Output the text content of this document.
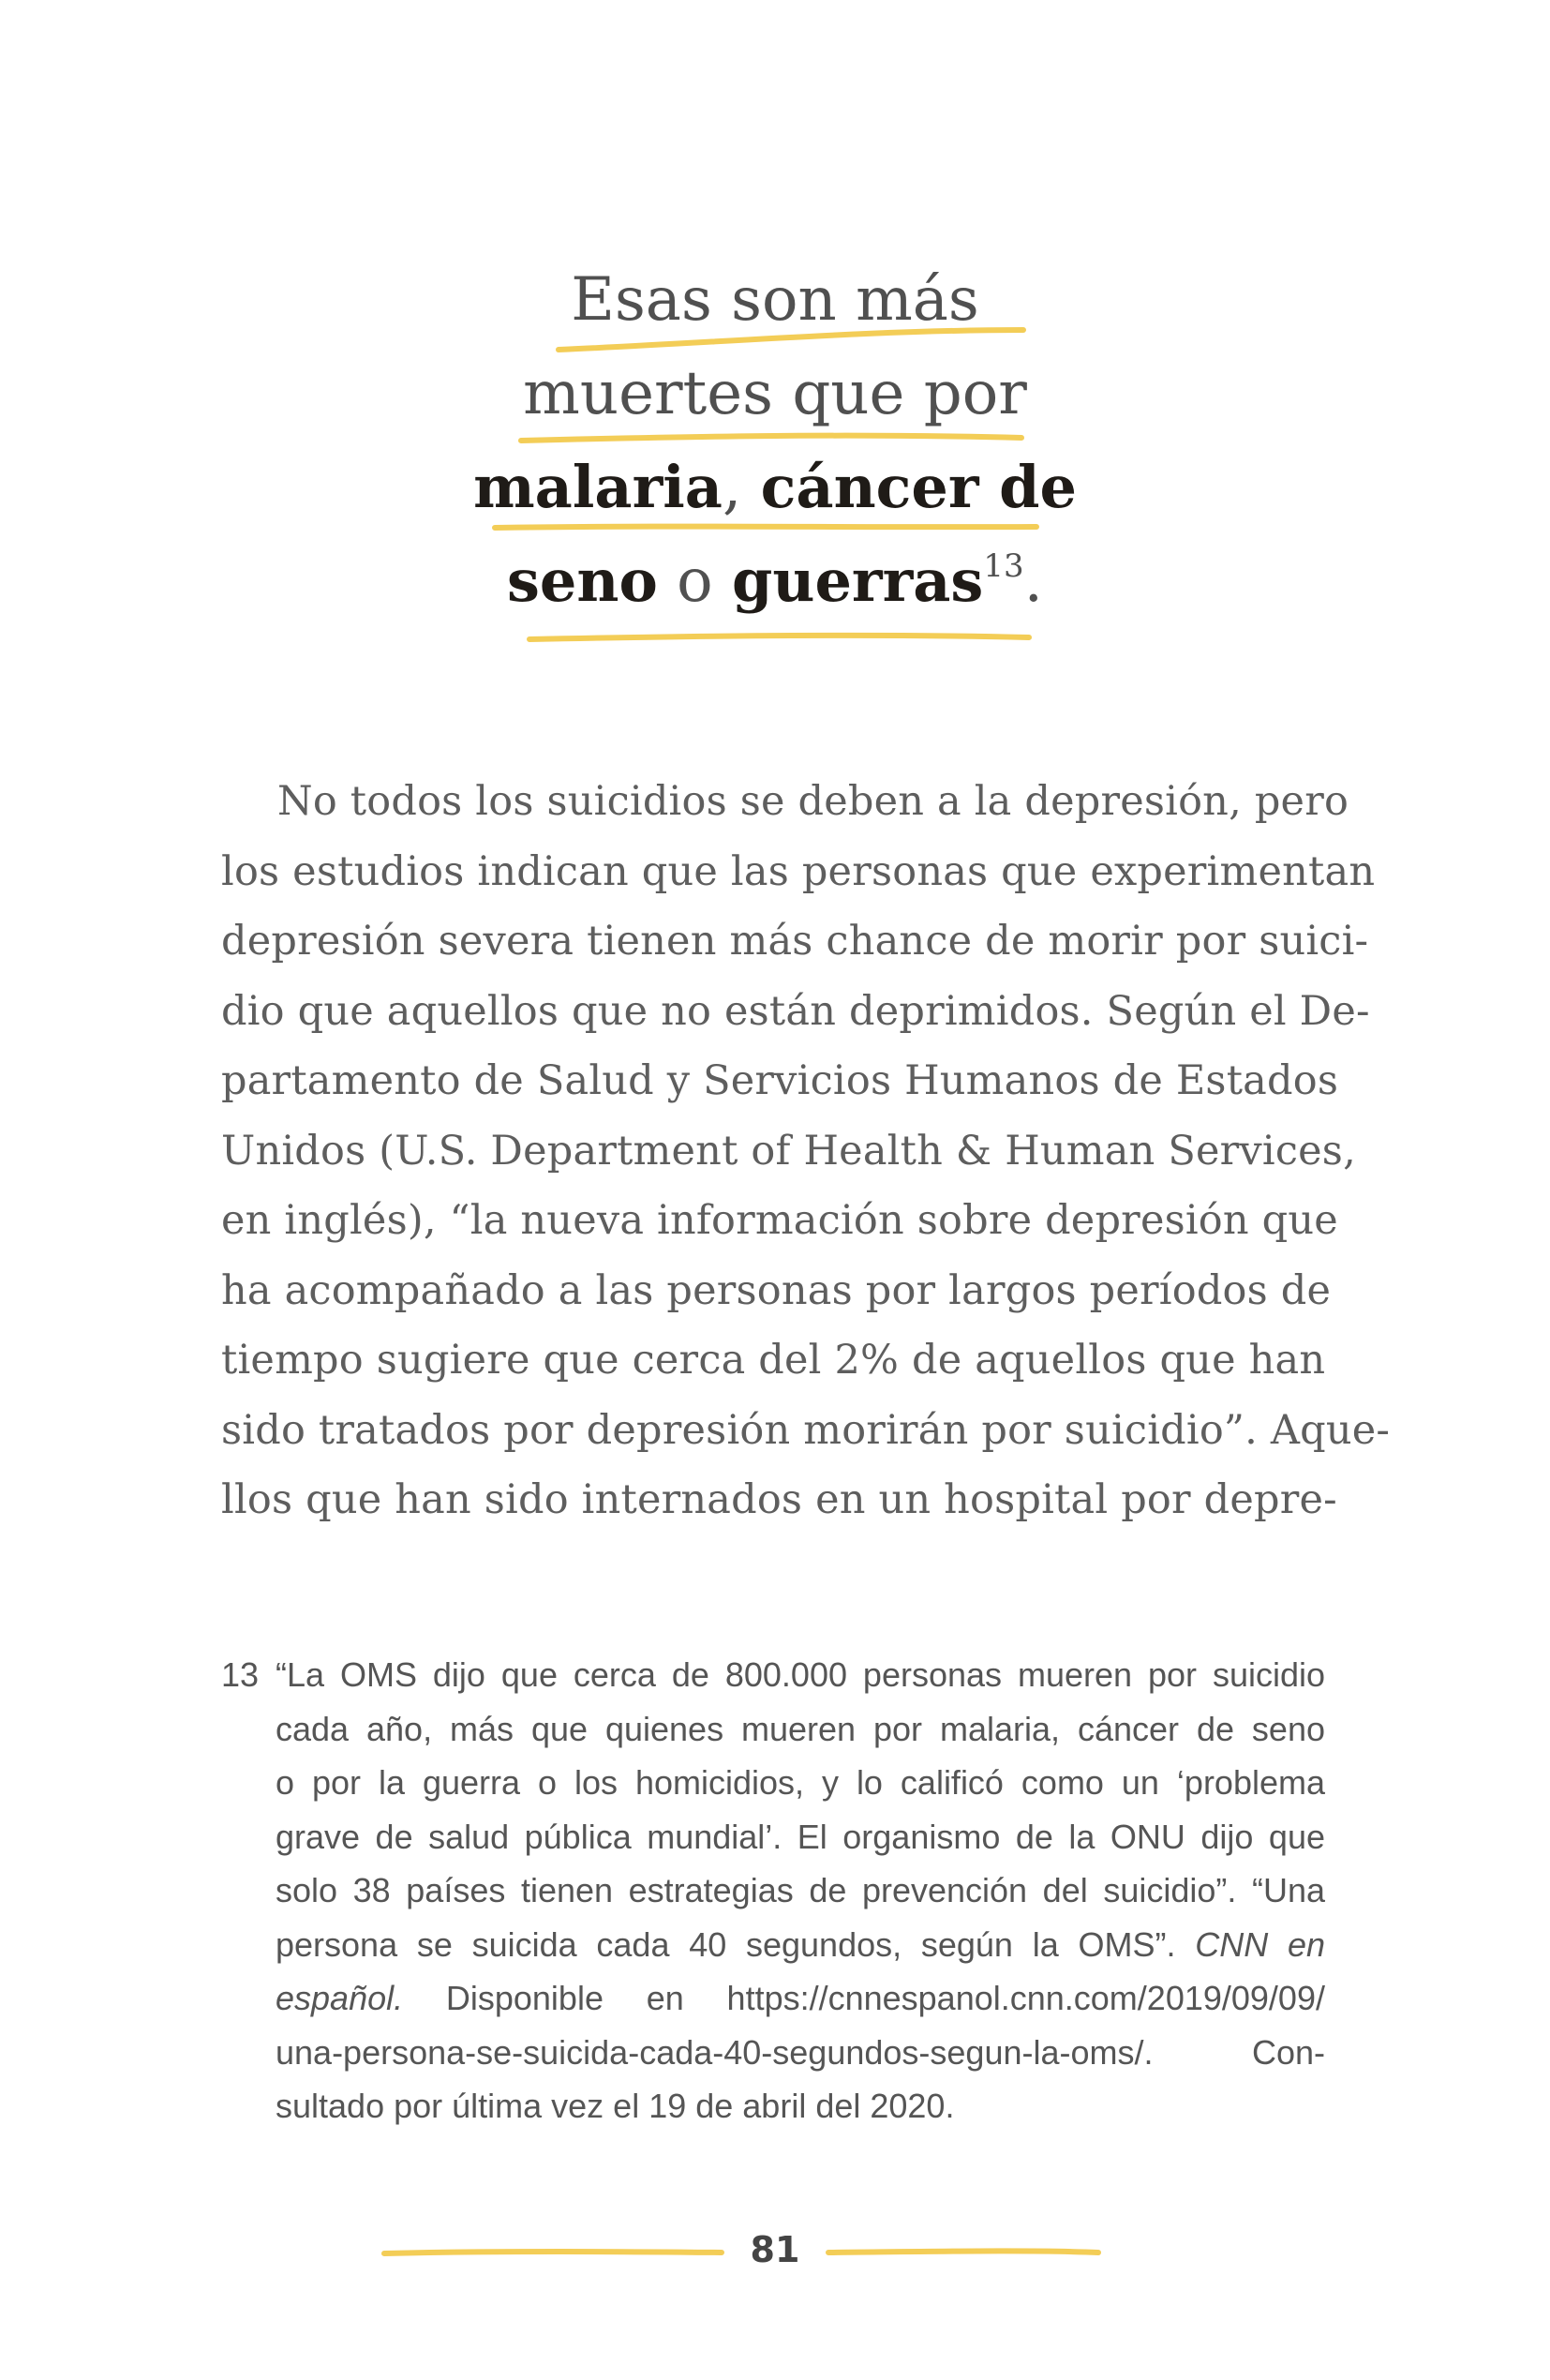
Esas son más
muertes que por
malaria, cáncer de
seno o guerras$^{13}$.
No todos los suicidios se deben a la depresión, pero
los estudios indican que las personas que experimentan
depresión severa tienen más chance de morir por suici-
dio que aquellos que no están deprimidos. Según el De-
partamento de Salud y Servicios Humanos de Estados
Unidos (U.S. Department of Health & Human Services,
en inglés), “la nueva información sobre depresión que
ha acompañado a las personas por largos períodos de
tiempo sugiere que cerca del 2% de aquellos que han
sido tratados por depresión morirán por suicidio”. Aque-
llos que han sido internados en un hospital por depre-
13 “La OMS dijo que cerca de 800.000 personas mueren por suicidio
cada año, más que quienes mueren por malaria, cáncer de seno
o por la guerra o los homicidios, y lo calificó como un ‘problema
grave de salud pública mundial’. El organismo de la ONU dijo que
solo 38 países tienen estrategias de prevención del suicidio”. “Una
persona se suicida cada 40 segundos, según la OMS”. CNN en
español. Disponible en https://cnnespanol.cnn.com/2019/09/09/
una-persona-se-suicida-cada-40-segundos-segun-la-oms/. Con-
sultado por última vez el 19 de abril del 2020.
81
